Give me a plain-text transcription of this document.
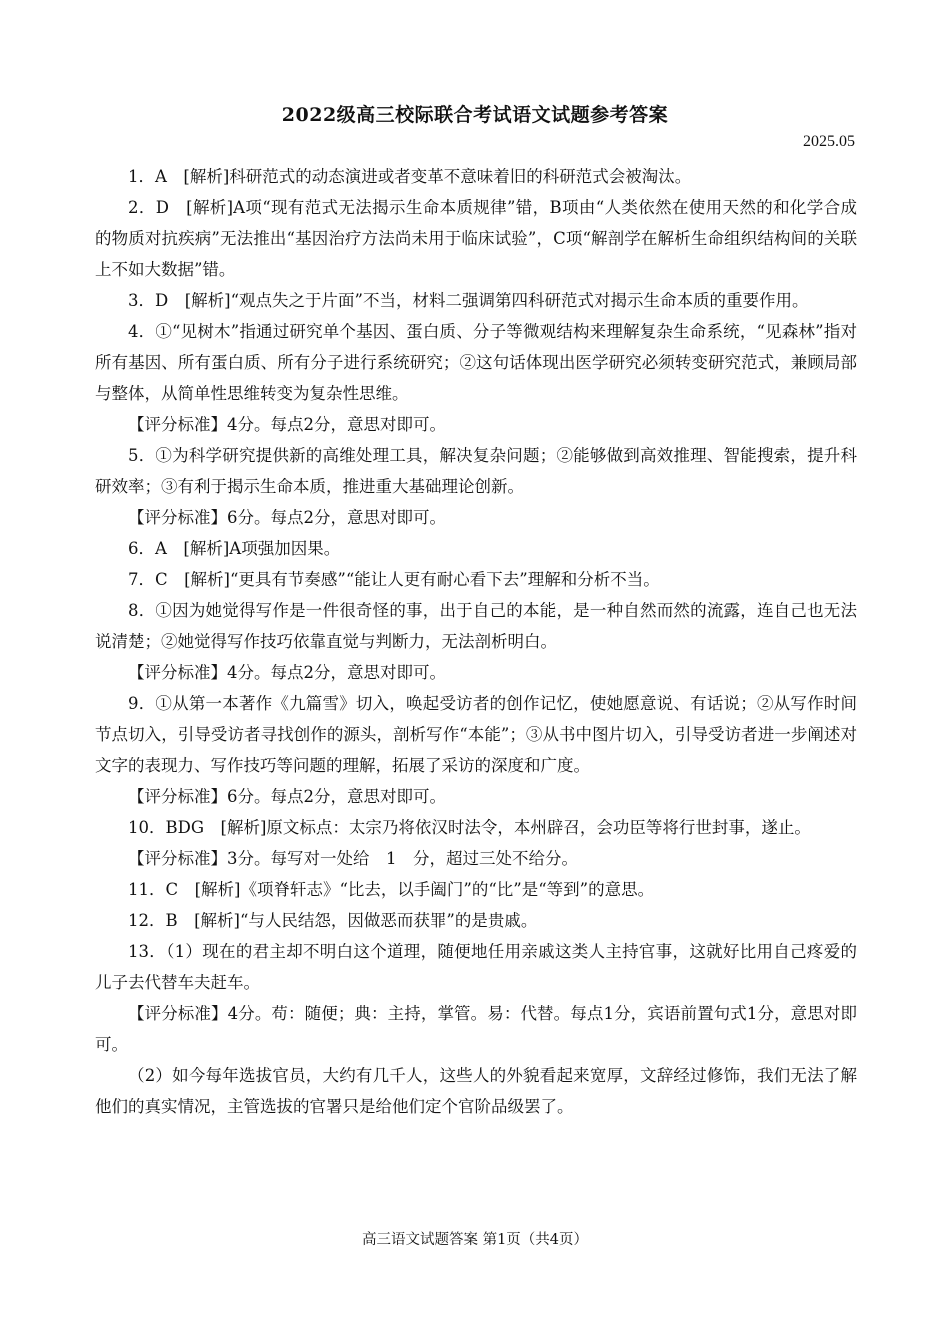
2022级高三校际联合考试语文试题参考答案
2025.05

1．A　[解析]科研范式的动态演进或者变革不意味着旧的科研范式会被淘汰。

2．D　[解析]A项“现有范式无法揭示生命本质规律”错，B项由“人类依然在使用天然的和化学合成的物质对抗疾病”无法推出“基因治疗方法尚未用于临床试验”，C项“解剖学在解析生命组织结构间的关联上不如大数据”错。

3．D　[解析]“观点失之于片面”不当，材料二强调第四科研范式对揭示生命本质的重要作用。

4．①“见树木”指通过研究单个基因、蛋白质、分子等微观结构来理解复杂生命系统，“见森林”指对所有基因、所有蛋白质、所有分子进行系统研究；②这句话体现出医学研究必须转变研究范式，兼顾局部与整体，从简单性思维转变为复杂性思维。

【评分标准】4分。每点2分，意思对即可。

5．①为科学研究提供新的高维处理工具，解决复杂问题；②能够做到高效推理、智能搜索，提升科研效率；③有利于揭示生命本质，推进重大基础理论创新。

【评分标准】6分。每点2分，意思对即可。

6．A　[解析]A项强加因果。

7．C　[解析]“更具有节奏感”“能让人更有耐心看下去”理解和分析不当。

8．①因为她觉得写作是一件很奇怪的事，出于自己的本能，是一种自然而然的流露，连自己也无法说清楚；②她觉得写作技巧依靠直觉与判断力，无法剖析明白。

【评分标准】4分。每点2分，意思对即可。

9．①从第一本著作《九篇雪》切入，唤起受访者的创作记忆，使她愿意说、有话说；②从写作时间节点切入，引导受访者寻找创作的源头，剖析写作“本能”；③从书中图片切入，引导受访者进一步阐述对文字的表现力、写作技巧等问题的理解，拓展了采访的深度和广度。

【评分标准】6分。每点2分，意思对即可。

10．BDG　[解析]原文标点：太宗乃将依汉时法令，本州辟召，会功臣等将行世封事，遂止。

【评分标准】3分。每写对一处给　1　分，超过三处不给分。

11．C　[解析]《项脊轩志》“比去，以手阖门”的“比”是“等到”的意思。

12．B　[解析]“与人民结怨，因做恶而获罪”的是贵戚。

13．（1）现在的君主却不明白这个道理，随便地任用亲戚这类人主持官事，这就好比用自己疼爱的儿子去代替车夫赶车。

【评分标准】4分。苟：随便；典：主持，掌管。易：代替。每点1分，宾语前置句式1分，意思对即可。

（2）如今每年选拔官员，大约有几千人，这些人的外貌看起来宽厚，文辞经过修饰，我们无法了解他们的真实情况，主管选拔的官署只是给他们定个官阶品级罢了。

高三语文试题答案 第1页（共4页）
